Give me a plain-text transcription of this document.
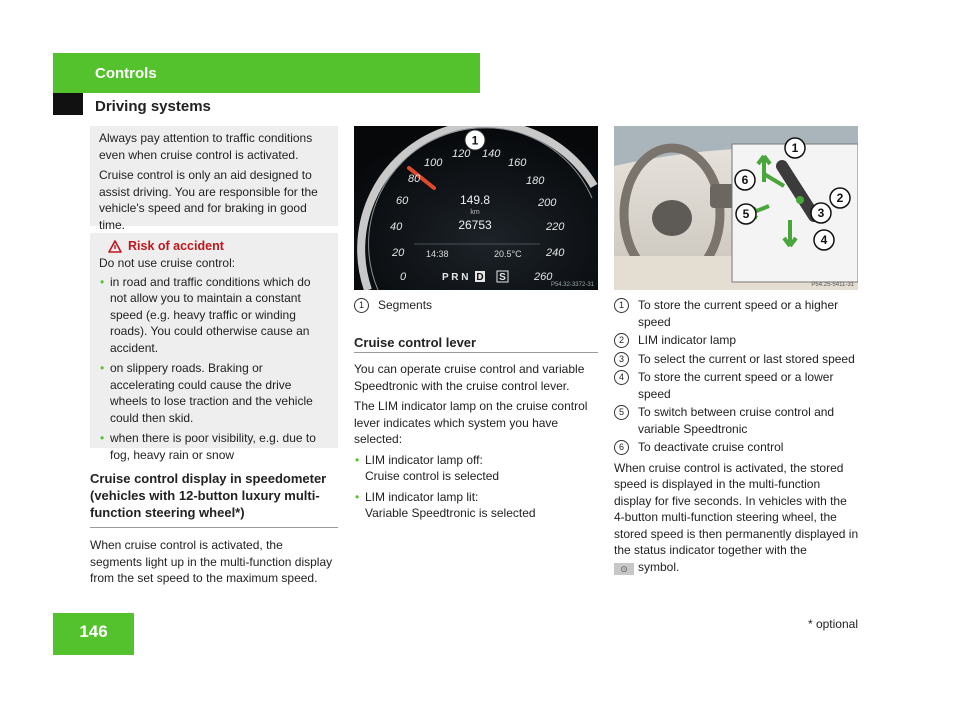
Controls
Driving systems

Always pay attention to traffic conditions even when cruise control is activated.

Cruise control is only an aid designed to assist driving. You are responsible for the vehicle's speed and for braking in good time.

Risk of accident

Do not use cruise control:

• in road and traffic conditions which do not allow you to maintain a constant speed (e.g. heavy traffic or winding roads). You could otherwise cause an accident.
• on slippery roads. Braking or accelerating could cause the drive wheels to lose traction and the vehicle could then skid.
• when there is poor visibility, e.g. due to fog, heavy rain or snow
Cruise control display in speedometer (vehicles with 12-button luxury multi-function steering wheel*)

When cruise control is activated, the segments light up in the multi-function display from the set speed to the maximum speed.

1
0
20
40
60
80
100
120 140
160
180
200
220
240
260
149.8
km
26753
14:38	20.5°C
P R N D S
P54.32-3372-31
1	Segments
Cruise control lever

You can operate cruise control and variable Speedtronic with the cruise control lever.

The LIM indicator lamp on the cruise control lever indicates which system you have selected:

• LIM indicator lamp off:
Cruise control is selected
• LIM indicator lamp lit:
Variable Speedtronic is selected
1
2
3
4
5
6
P54.25-5411-31
1	To store the current speed or a higher speed
2	LIM indicator lamp
3	To select the current or last stored speed
4	To store the current speed or a lower speed
5	To switch between cruise control and variable Speedtronic
6	To deactivate cruise control

When cruise control is activated, the stored speed is displayed in the multi-function display for five seconds. In vehicles with the 4-button multi-function steering wheel, the stored speed is then permanently displayed in the status indicator together with the

⊙ symbol.

146	* optional
